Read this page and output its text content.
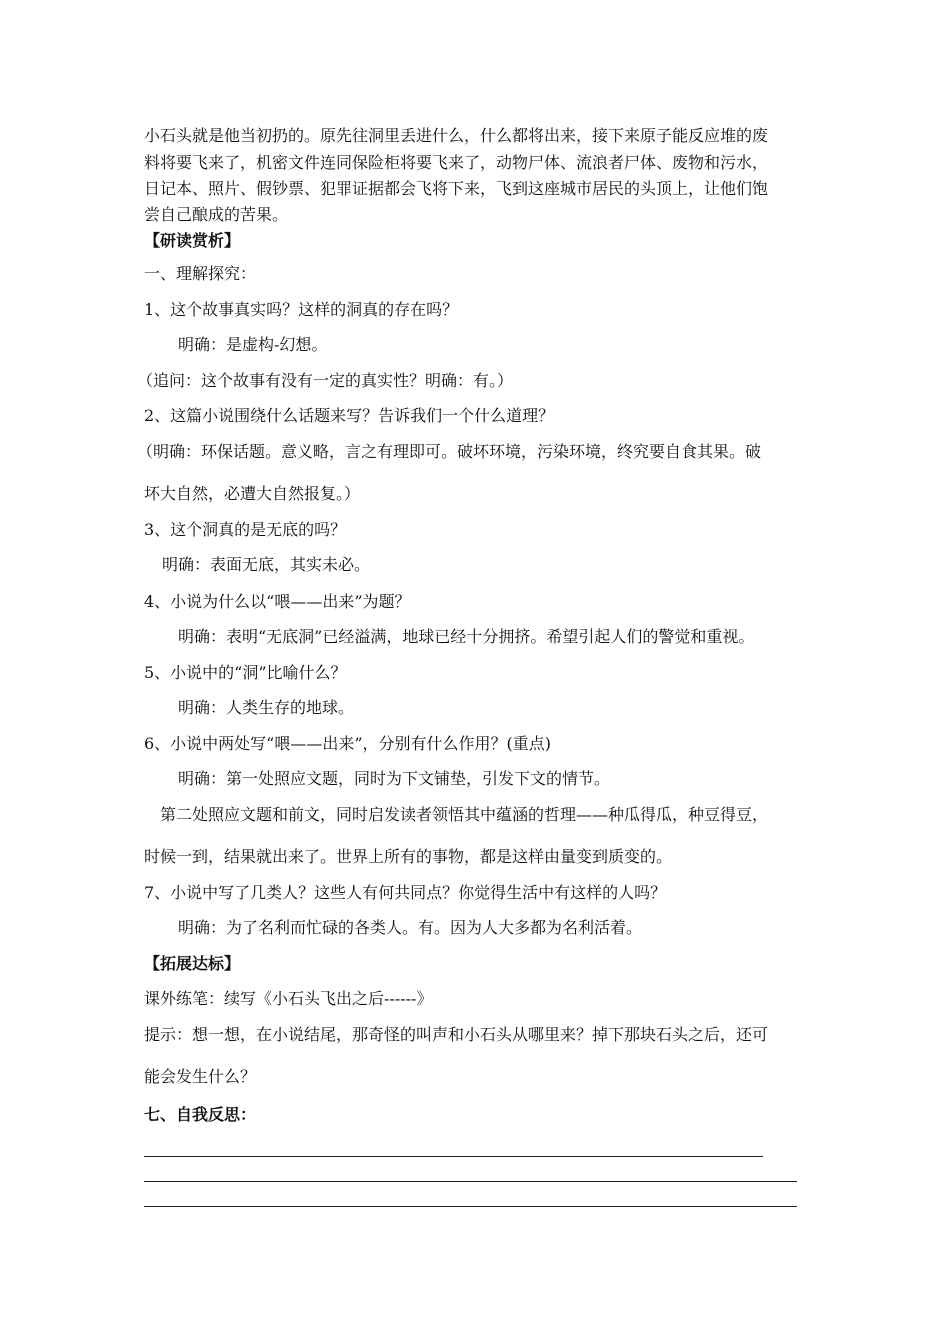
小石头就是他当初扔的。原先往洞里丢进什么，什么都将出来，接下来原子能反应堆的废
料将要飞来了，机密文件连同保险柜将要飞来了，动物尸体、流浪者尸体、废物和污水，
日记本、照片、假钞票、犯罪证据都会飞将下来，飞到这座城市居民的头顶上，让他们饱
尝自己酿成的苦果。
【研读赏析】
一、理解探究：
1、这个故事真实吗？这样的洞真的存在吗？
明确：是虚构-幻想。
（追问：这个故事有没有一定的真实性？明确：有。）
2、这篇小说围绕什么话题来写？告诉我们一个什么道理？
（明确：环保话题。意义略，言之有理即可。破坏环境，污染环境，终究要自食其果。破
坏大自然，必遭大自然报复。）
3、这个洞真的是无底的吗？
明确：表面无底，其实未必。
4、小说为什么以“喂——出来”为题？
明确：表明“无底洞”已经溢满，地球已经十分拥挤。希望引起人们的警觉和重视。
5、小说中的“洞”比喻什么？
明确：人类生存的地球。
6、小说中两处写“喂——出来”，分别有什么作用？(重点)
明确：第一处照应文题，同时为下文铺垫，引发下文的情节。
第二处照应文题和前文，同时启发读者领悟其中蕴涵的哲理——种瓜得瓜，种豆得豆，
时候一到，结果就出来了。世界上所有的事物，都是这样由量变到质变的。
7、小说中写了几类人？这些人有何共同点？你觉得生活中有这样的人吗？
明确：为了名利而忙碌的各类人。有。因为人大多都为名利活着。
【拓展达标】
课外练笔：续写《小石头飞出之后------》
提示：想一想，在小说结尾，那奇怪的叫声和小石头从哪里来？掉下那块石头之后，还可
能会发生什么？
七、自我反思：
